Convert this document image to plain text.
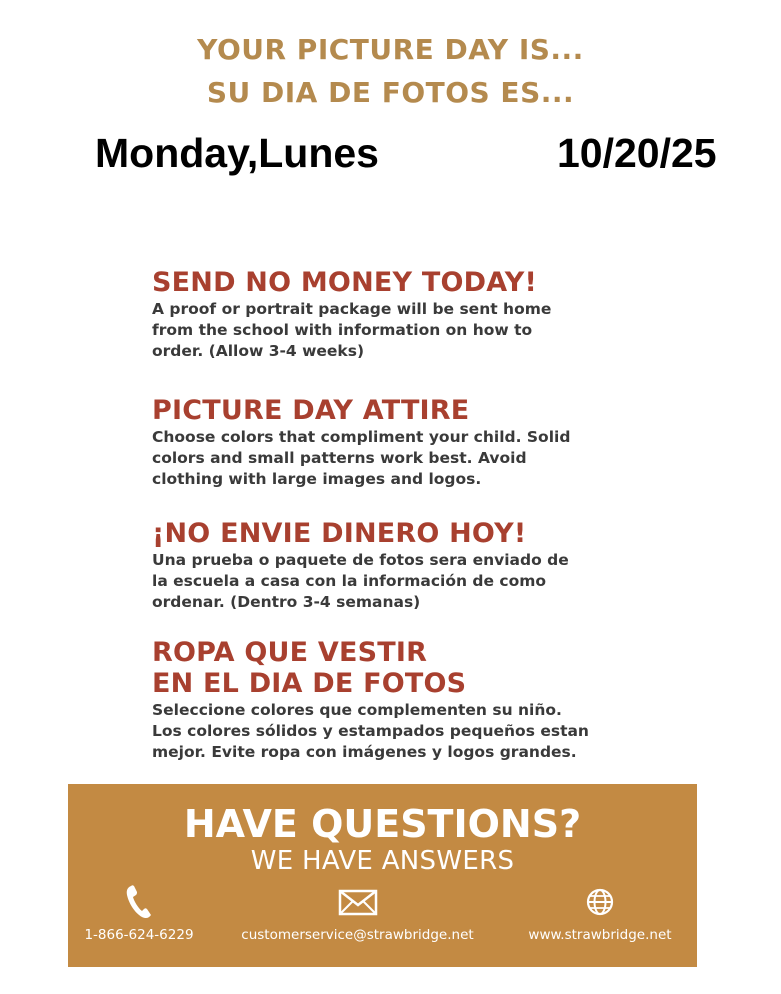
YOUR PICTURE DAY IS...
SU DIA DE FOTOS ES...
Monday,Lunes	10/20/25
SEND NO MONEY TODAY!
A proof or portrait package will be sent home
from the school with information on how to
order. (Allow 3-4 weeks)
PICTURE DAY ATTIRE
Choose colors that compliment your child. Solid
colors and small patterns work best. Avoid
clothing with large images and logos.
¡NO ENVIE DINERO HOY!
Una prueba o paquete de fotos sera enviado de
la escuela a casa con la información de como
ordenar. (Dentro 3-4 semanas)
ROPA QUE VESTIR
EN EL DIA DE FOTOS
Seleccione colores que complementen su niño.
Los colores sólidos y estampados pequeños estan
mejor. Evite ropa con imágenes y logos grandes.
HAVE QUESTIONS?
WE HAVE ANSWERS
1-866-624-6229	customerservice@strawbridge.net	www.strawbridge.net
